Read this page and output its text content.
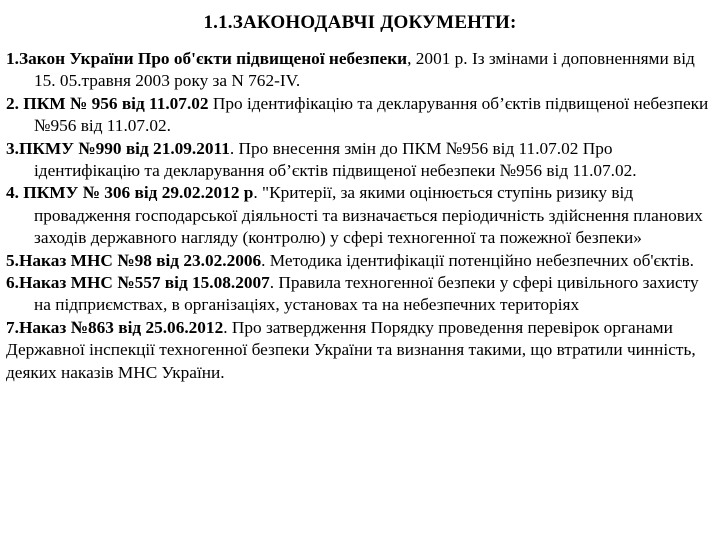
1.1.ЗАКОНОДАВЧІ ДОКУМЕНТИ:

1.Закон України Про об'єкти підвищеної небезпеки, 2001 р. Із змінами і доповненнями від 15. 05.травня 2003 року за N 762-IV.

2. ПКМ № 956 від 11.07.02 Про ідентифікацію та декларування об’єктів підвищеної небезпеки №956 від 11.07.02.

3.ПКМУ №990 від 21.09.2011. Про внесення змін до ПКМ №956 від 11.07.02 Про ідентифікацію та декларування об’єктів підвищеної небезпеки №956 від 11.07.02.

4. ПКМУ № 306 від 29.02.2012 р. "Критерії, за якими оцінюється ступінь ризику від провадження господарської діяльності та визначається періодичність здійснення планових заходів державного нагляду (контролю) у сфері техногенної та пожежної безпеки»

5.Наказ МНС №98 від 23.02.2006. Методика ідентифікації потенційно небезпечних об'єктів.

6.Наказ МНС №557 від 15.08.2007. Правила техногенної безпеки у сфері цивільного захисту на підприємствах, в організаціях, установах та на небезпечних територіях

7.Наказ №863 від 25.06.2012. Про затвердження Порядку проведення перевірок органами Державної інспекції техногенної безпеки України та визнання такими, що втратили чинність, деяких наказів МНС України.
